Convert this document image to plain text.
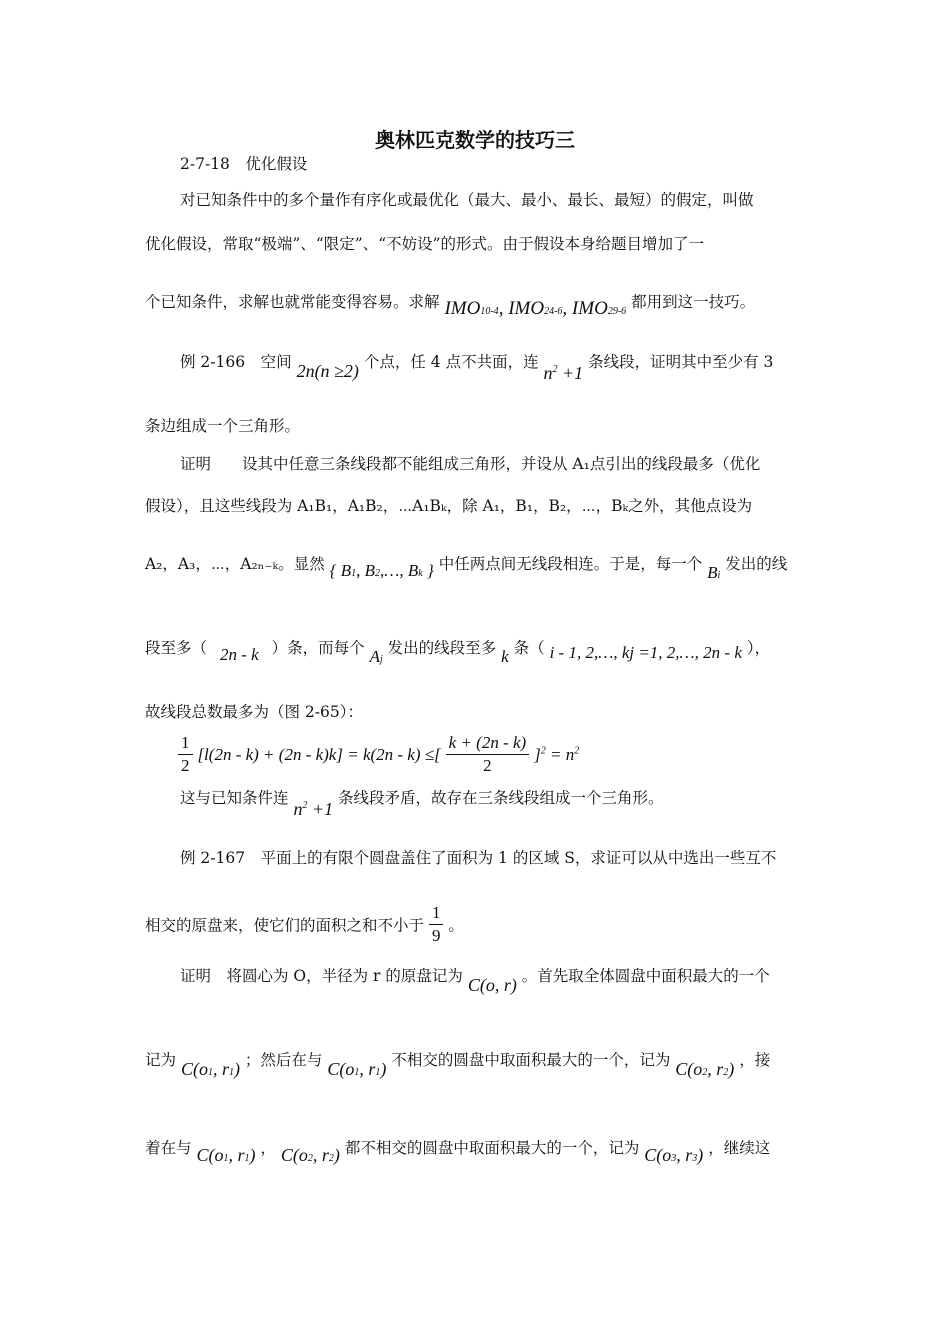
奥林匹克数学的技巧三
2-7-18　优化假设
对已知条件中的多个量作有序化或最优化（最大、最小、最长、最短）的假定，叫做
优化假设，常取“极端”、“限定”、“不妨设”的形式。由于假设本身给题目增加了一
个已知条件，求解也就常能变得容易。求解 IMO10-4, IMO24-6, IMO29-6 都用到这一技巧。
例 2-166　空间 2n(n ≥2) 个点，任 4 点不共面，连 $n^2 +1$ 条线段，证明其中至少有 3
条边组成一个三角形。
证明　　设其中任意三条线段都不能组成三角形，并设从 A₁点引出的线段最多（优化
假设），且这些线段为 A₁B₁，A₁B₂，⋯A₁Bₖ，除 A₁，B₁，B₂，⋯，Bₖ之外，其他点设为
A₂，A₃，⋯，A₂ₙ₋ₖ。显然 { B1, B2,…, Bk } 中任两点间无线段相连。于是，每一个 Bi 发出的线
段至多（ 2n - k ）条，而每个 Aj 发出的线段至多 k 条（ i - 1, 2,…, kj =1, 2,…, 2n - k ），
故线段总数最多为（图 2-65）：
$\frac{1}{2} [l(2n - k) + (2n - k)k] = k(2n - k)$ ≤[ $\frac{k + (2n - k)}{2} ]^2 = n^2$
这与已知条件连 $n^2 +1$ 条线段矛盾，故存在三条线段组成一个三角形。
例 2-167　平面上的有限个圆盘盖住了面积为 1 的区域 S，求证可以从中选出一些互不
相交的原盘来，使它们的面积之和不小于 $\frac{1}{9}$ 。
证明　将圆心为 O，半径为 r 的原盘记为 C(o, r) 。首先取全体圆盘中面积最大的一个
记为 C(o1, r1) ；然后在与 C(o1, r1) 不相交的圆盘中取面积最大的一个，记为 C(o2, r2) ，接
着在与 C(o1, r1) ， C(o2, r2) 都不相交的圆盘中取面积最大的一个，记为 C(o3, r3) ，继续这
